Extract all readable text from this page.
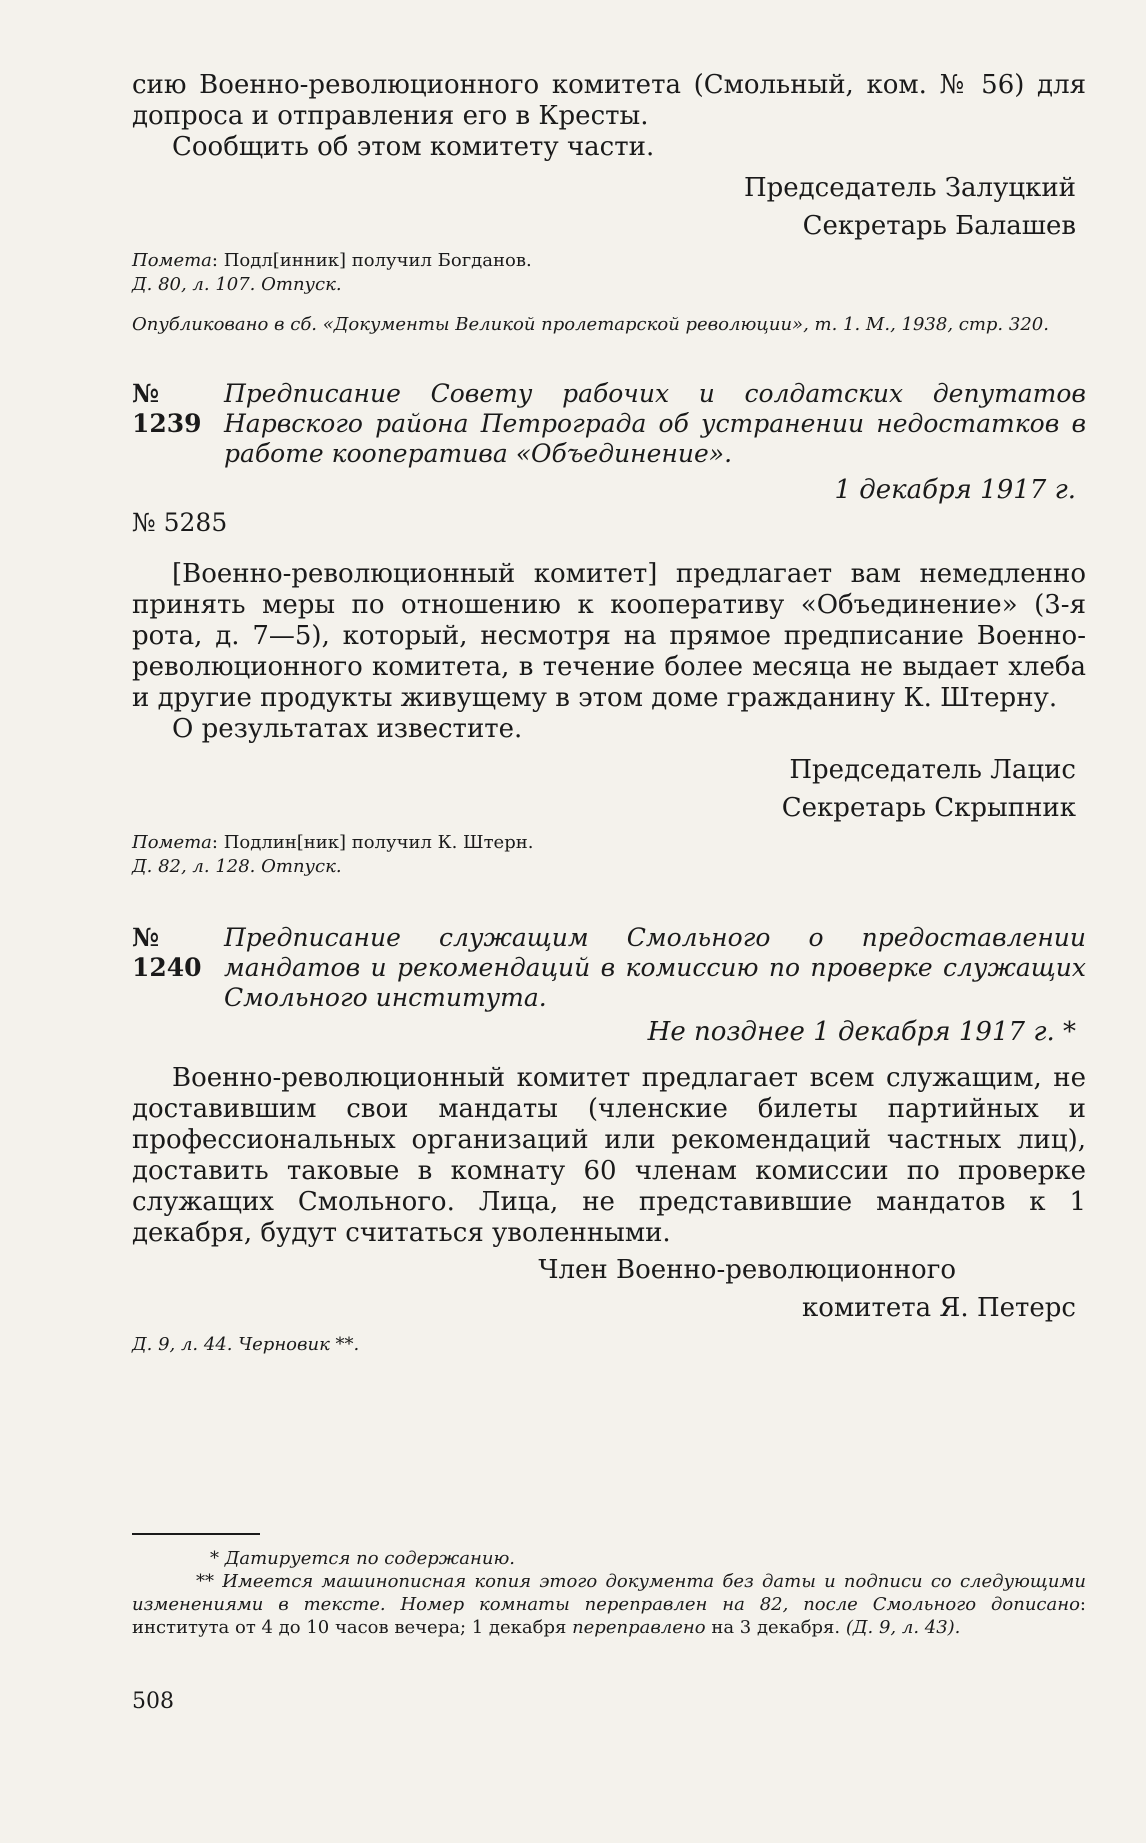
сию Военно-революционного комитета (Смольный, ком. № 56) для допроса и отправления его в Кресты.

Сообщить об этом комитету части.

Председатель Залуцкий

Секретарь Балашев

Помета: Подл[инник] получил Богданов.

Д. 80, л. 107. Отпуск.

Опубликовано в сб. «Документы Великой пролетарской революции», т. 1. М., 1938, стр. 320.

№ 1239

Предписание Совету рабочих и солдатских депутатов Нарвского района Петрограда об устранении недостатков в работе кооператива «Объединение».

1 декабря 1917 г.

№ 5285

[Военно-революционный комитет] предлагает вам немедленно принять меры по отношению к кооперативу «Объединение» (3-я рота, д. 7—5), который, несмотря на прямое предписание Военно-революционного комитета, в течение более месяца не выдает хлеба и другие продукты живущему в этом доме гражданину К. Штерну.

О результатах известите.

Председатель Лацис

Секретарь Скрыпник

Помета: Подлин[ник] получил К. Штерн.

Д. 82, л. 128. Отпуск.

№ 1240

Предписание служащим Смольного о предоставлении мандатов и рекомендаций в комиссию по проверке служащих Смольного института.

Не позднее 1 декабря 1917 г. *

Военно-революционный комитет предлагает всем служащим, не доставившим свои мандаты (членские билеты партийных и профессиональных организаций или рекомендаций частных лиц), доставить таковые в комнату 60 членам комиссии по проверке служащих Смольного. Лица, не представившие мандатов к 1 декабря, будут считаться уволенными.

Член Военно-революционного

комитета Я. Петерс

Д. 9, л. 44. Черновик **.

* Датируется по содержанию.

** Имеется машинописная копия этого документа без даты и подписи со следующими изменениями в тексте. Номер комнаты переправлен на 82, после Смольного дописано: института от 4 до 10 часов вечера; 1 декабря переправлено на 3 декабря. (Д. 9, л. 43).

508
